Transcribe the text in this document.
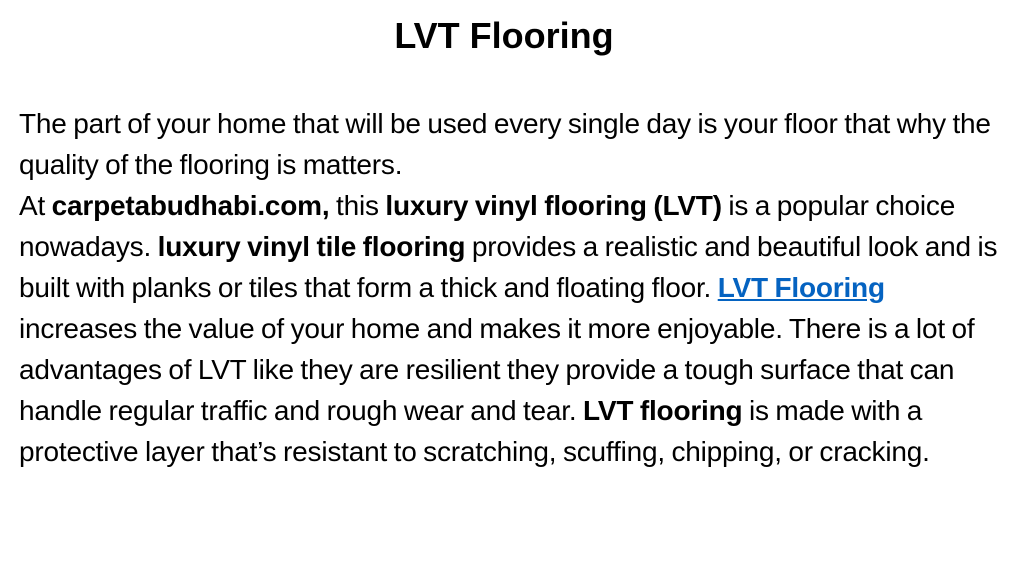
LVT Flooring

The part of your home that will be used every single day is your floor that why the quality of the flooring is matters.

At carpetabudhabi.com, this luxury vinyl flooring (LVT) is a popular choice nowadays. luxury vinyl tile flooring provides a realistic and beautiful look and is built with planks or tiles that form a thick and floating floor. LVT Flooring increases the value of your home and makes it more enjoyable. There is a lot of advantages of LVT like they are resilient they provide a tough surface that can handle regular traffic and rough wear and tear. LVT flooring is made with a protective layer that’s resistant to scratching, scuffing, chipping, or cracking.
